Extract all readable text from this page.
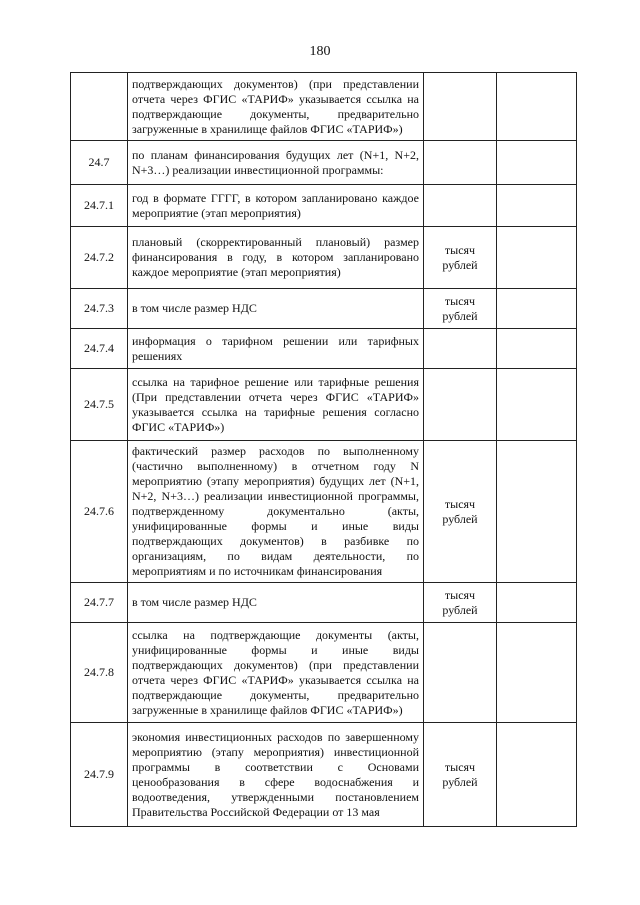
180
	подтверждающих документов) (при представлении отчета через ФГИС «ТАРИФ» указывается ссылка на подтверждающие документы, предварительно загруженные в хранилище файлов ФГИС «ТАРИФ»)		
24.7	по планам финансирования будущих лет (N+1, N+2, N+3…) реализации инвестиционной программы:		
24.7.1	год в формате ГГГГ, в котором запланировано каждое мероприятие (этап мероприятия)		
24.7.2	плановый (скорректированный плановый) размер финансирования в году, в котором запланировано каждое мероприятие (этап мероприятия)	тысяч рублей	
24.7.3	в том числе размер НДС	тысяч рублей	
24.7.4	информация о тарифном решении или тарифных решениях		
24.7.5	ссылка на тарифное решение или тарифные решения (При представлении отчета через ФГИС «ТАРИФ» указывается ссылка на тарифные решения согласно ФГИС «ТАРИФ»)		
24.7.6	фактический размер расходов по выполненному (частично выполненному) в отчетном году N мероприятию (этапу мероприятия) будущих лет (N+1, N+2, N+3…) реализации инвестиционной программы, подтвержденному документально (акты, унифицированные формы и иные виды подтверждающих документов) в разбивке по организациям, по видам деятельности, по мероприятиям и по источникам финансирования	тысяч рублей	
24.7.7	в том числе размер НДС	тысяч рублей	
24.7.8	ссылка на подтверждающие документы (акты, унифицированные формы и иные виды подтверждающих документов) (при представлении отчета через ФГИС «ТАРИФ» указывается ссылка на подтверждающие документы, предварительно загруженные в хранилище файлов ФГИС «ТАРИФ»)		
24.7.9	экономия инвестиционных расходов по завершенному мероприятию (этапу мероприятия) инвестиционной программы в соответствии с Основами ценообразования в сфере водоснабжения и водоотведения, утвержденными постановлением Правительства Российской Федерации от 13 мая	тысяч рублей	
